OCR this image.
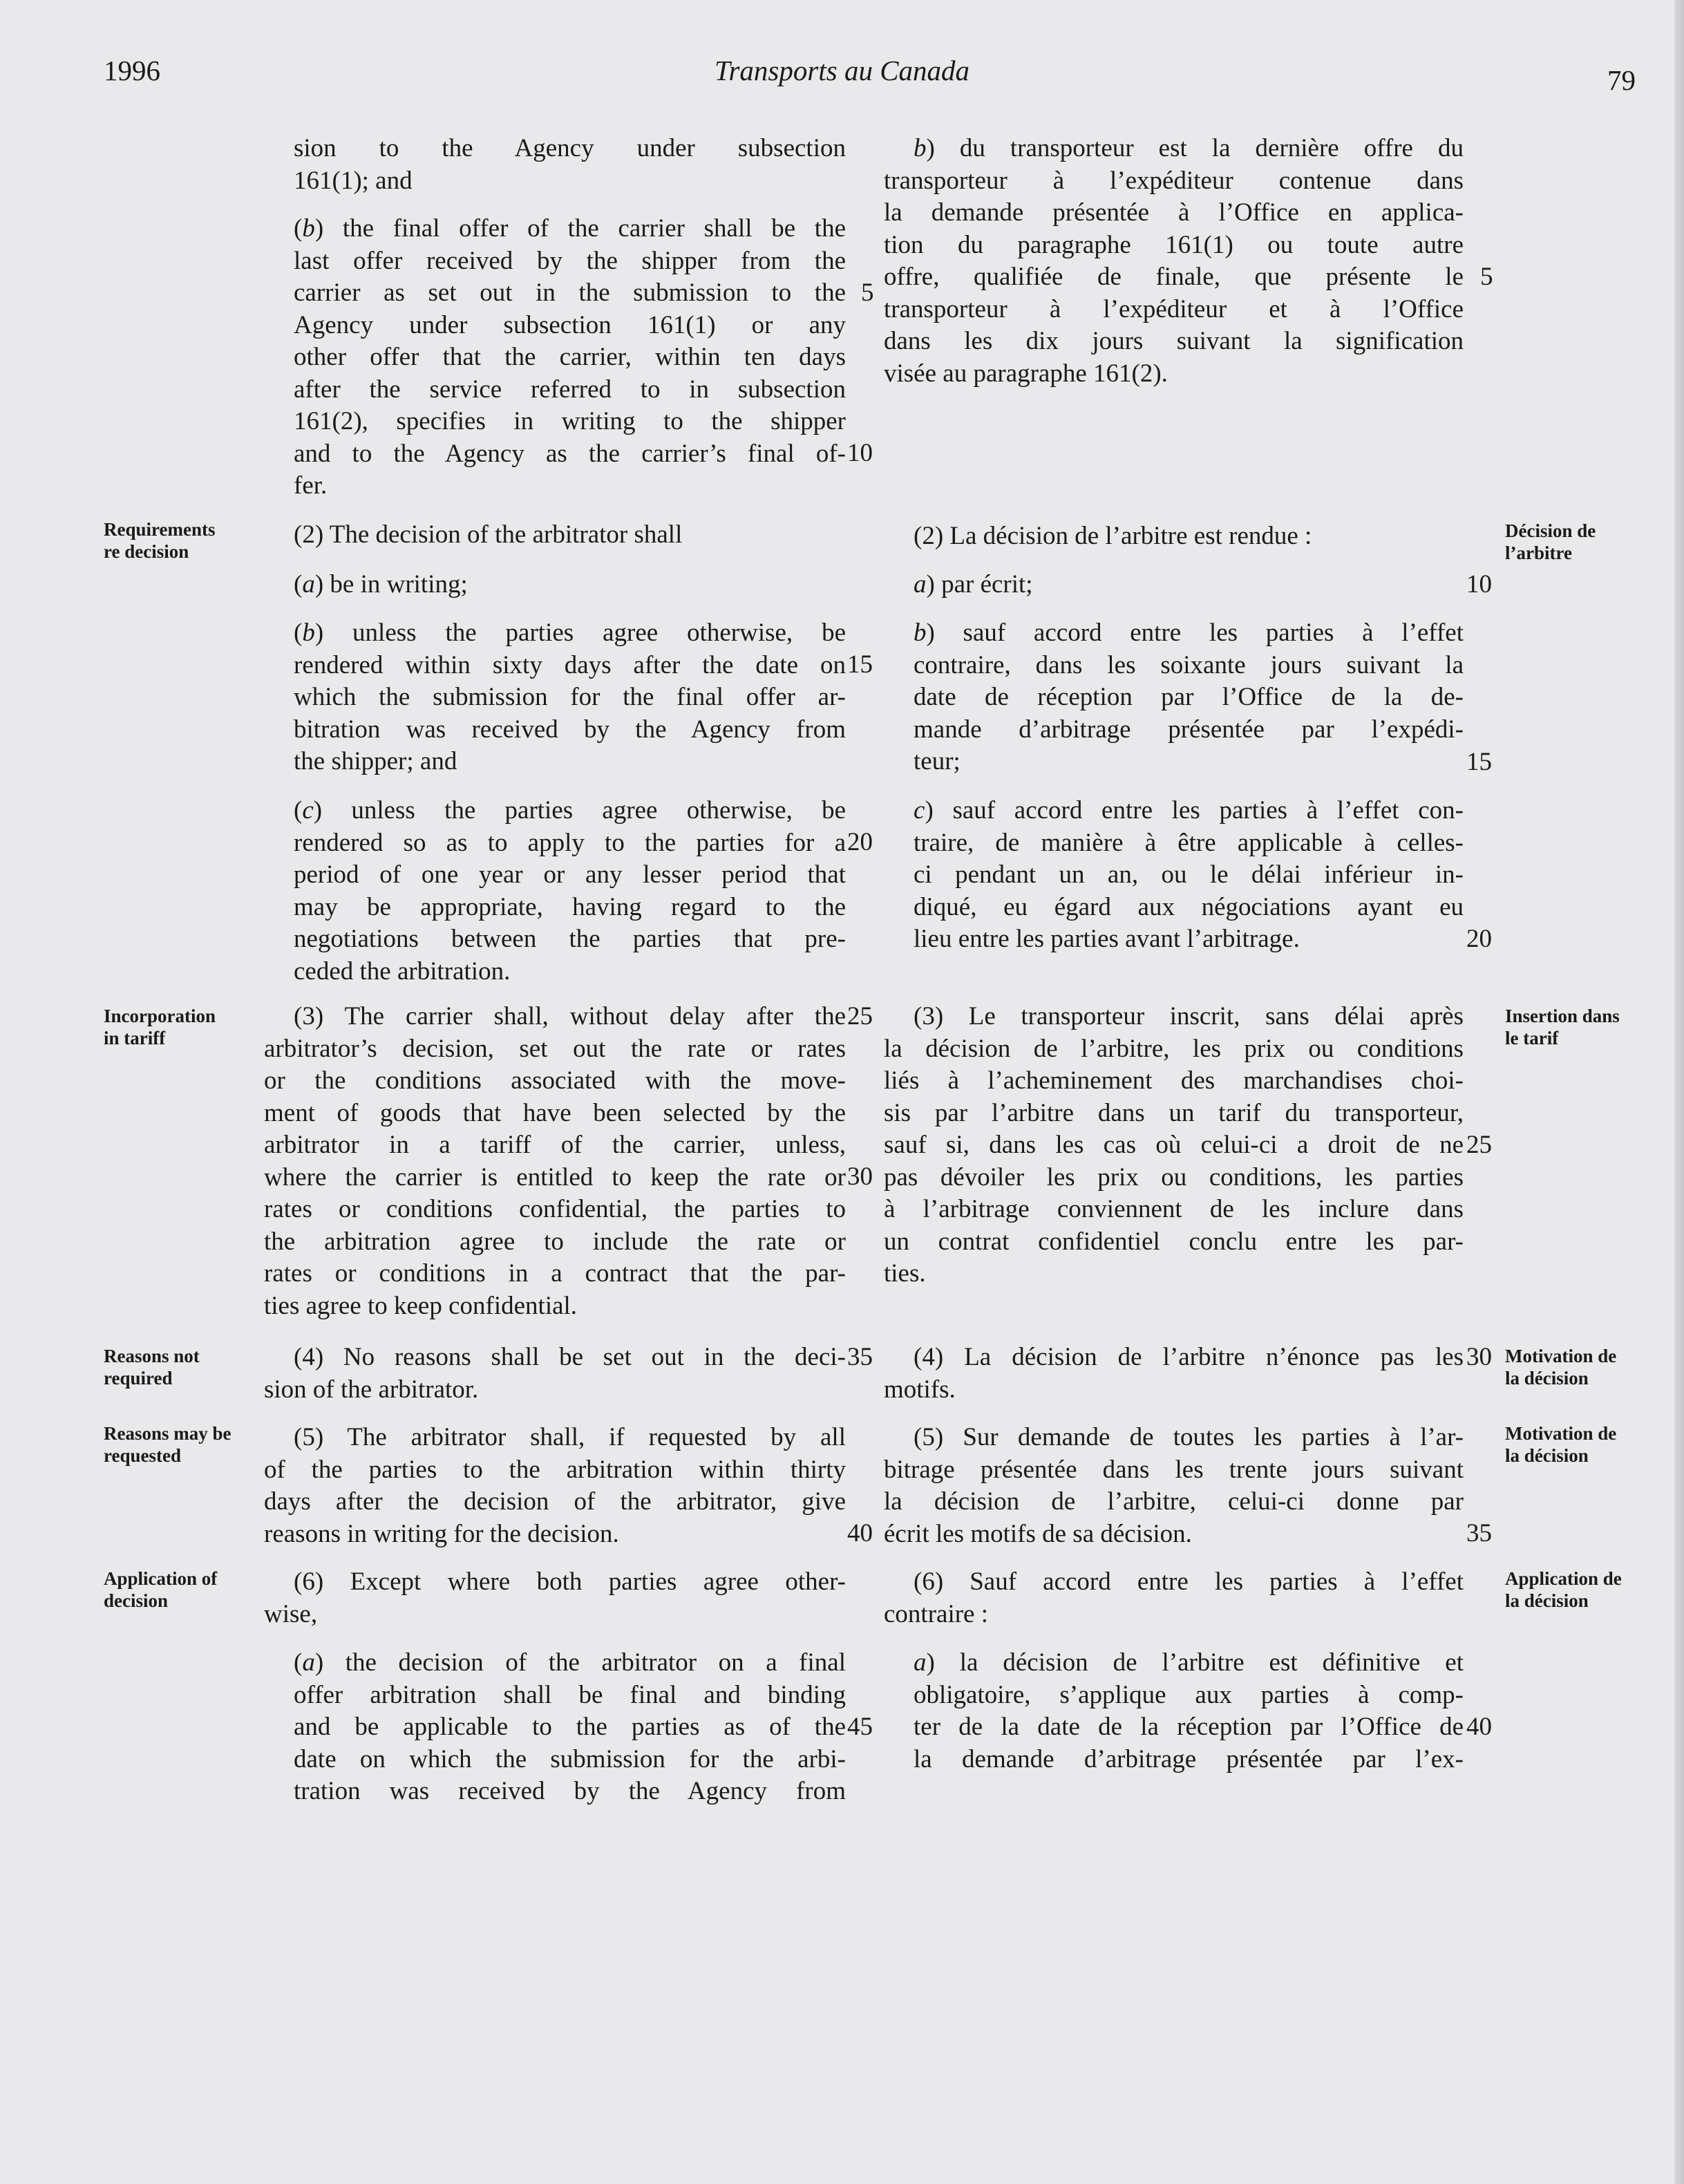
1996	Transports au Canada	79
sion to the Agency under subsection
161(1); and
(b) the final offer of the carrier shall be the
last offer received by the shipper from the
carrier as set out in the submission to the
Agency under subsection 161(1) or any
other offer that the carrier, within ten days
after the service referred to in subsection
161(2), specifies in writing to the shipper
and to the Agency as the carrier’s final of-
fer.
(2) The decision of the arbitrator shall
(a) be in writing;
(b) unless the parties agree otherwise, be
rendered within sixty days after the date on
which the submission for the final offer ar-
bitration was received by the Agency from
the shipper; and
(c) unless the parties agree otherwise, be
rendered so as to apply to the parties for a
period of one year or any lesser period that
may be appropriate, having regard to the
negotiations between the parties that pre-
ceded the arbitration.
(3) The carrier shall, without delay after the
arbitrator’s decision, set out the rate or rates
or the conditions associated with the move-
ment of goods that have been selected by the
arbitrator in a tariff of the carrier, unless,
where the carrier is entitled to keep the rate or
rates or conditions confidential, the parties to
the arbitration agree to include the rate or
rates or conditions in a contract that the par-
ties agree to keep confidential.
(4) No reasons shall be set out in the deci-
sion of the arbitrator.
(5) The arbitrator shall, if requested by all
of the parties to the arbitration within thirty
days after the decision of the arbitrator, give
reasons in writing for the decision.
(6) Except where both parties agree other-
wise,
(a) the decision of the arbitrator on a final
offer arbitration shall be final and binding
and be applicable to the parties as of the
date on which the submission for the arbi-
tration was received by the Agency from
5
10
15
20
25
30
35
40
45
b) du transporteur est la dernière offre du
transporteur à l’expéditeur contenue dans
la demande présentée à l’Office en applica-
tion du paragraphe 161(1) ou toute autre
offre, qualifiée de finale, que présente le
transporteur à l’expéditeur et à l’Office
dans les dix jours suivant la signification
visée au paragraphe 161(2).
(2) La décision de l’arbitre est rendue :
a) par écrit;
b) sauf accord entre les parties à l’effet
contraire, dans les soixante jours suivant la
date de réception par l’Office de la de-
mande d’arbitrage présentée par l’expédi-
teur;
c) sauf accord entre les parties à l’effet con-
traire, de manière à être applicable à celles-
ci pendant un an, ou le délai inférieur in-
diqué, eu égard aux négociations ayant eu
lieu entre les parties avant l’arbitrage.
(3) Le transporteur inscrit, sans délai après
la décision de l’arbitre, les prix ou conditions
liés à l’acheminement des marchandises choi-
sis par l’arbitre dans un tarif du transporteur,
sauf si, dans les cas où celui-ci a droit de ne
pas dévoiler les prix ou conditions, les parties
à l’arbitrage conviennent de les inclure dans
un contrat confidentiel conclu entre les par-
ties.
(4) La décision de l’arbitre n’énonce pas les
motifs.
(5) Sur demande de toutes les parties à l’ar-
bitrage présentée dans les trente jours suivant
la décision de l’arbitre, celui-ci donne par
écrit les motifs de sa décision.
(6) Sauf accord entre les parties à l’effet
contraire :
a) la décision de l’arbitre est définitive et
obligatoire, s’applique aux parties à comp-
ter de la date de la réception par l’Office de
la demande d’arbitrage présentée par l’ex-
5
10
15
20
25
30
35
40
Requirements
re decision
Incorporation
in tariff
Reasons not
required
Reasons may be
requested
Application of
decision
Décision de
l’arbitre
Insertion dans
le tarif
Motivation de
la décision
Motivation de
la décision
Application de
la décision
